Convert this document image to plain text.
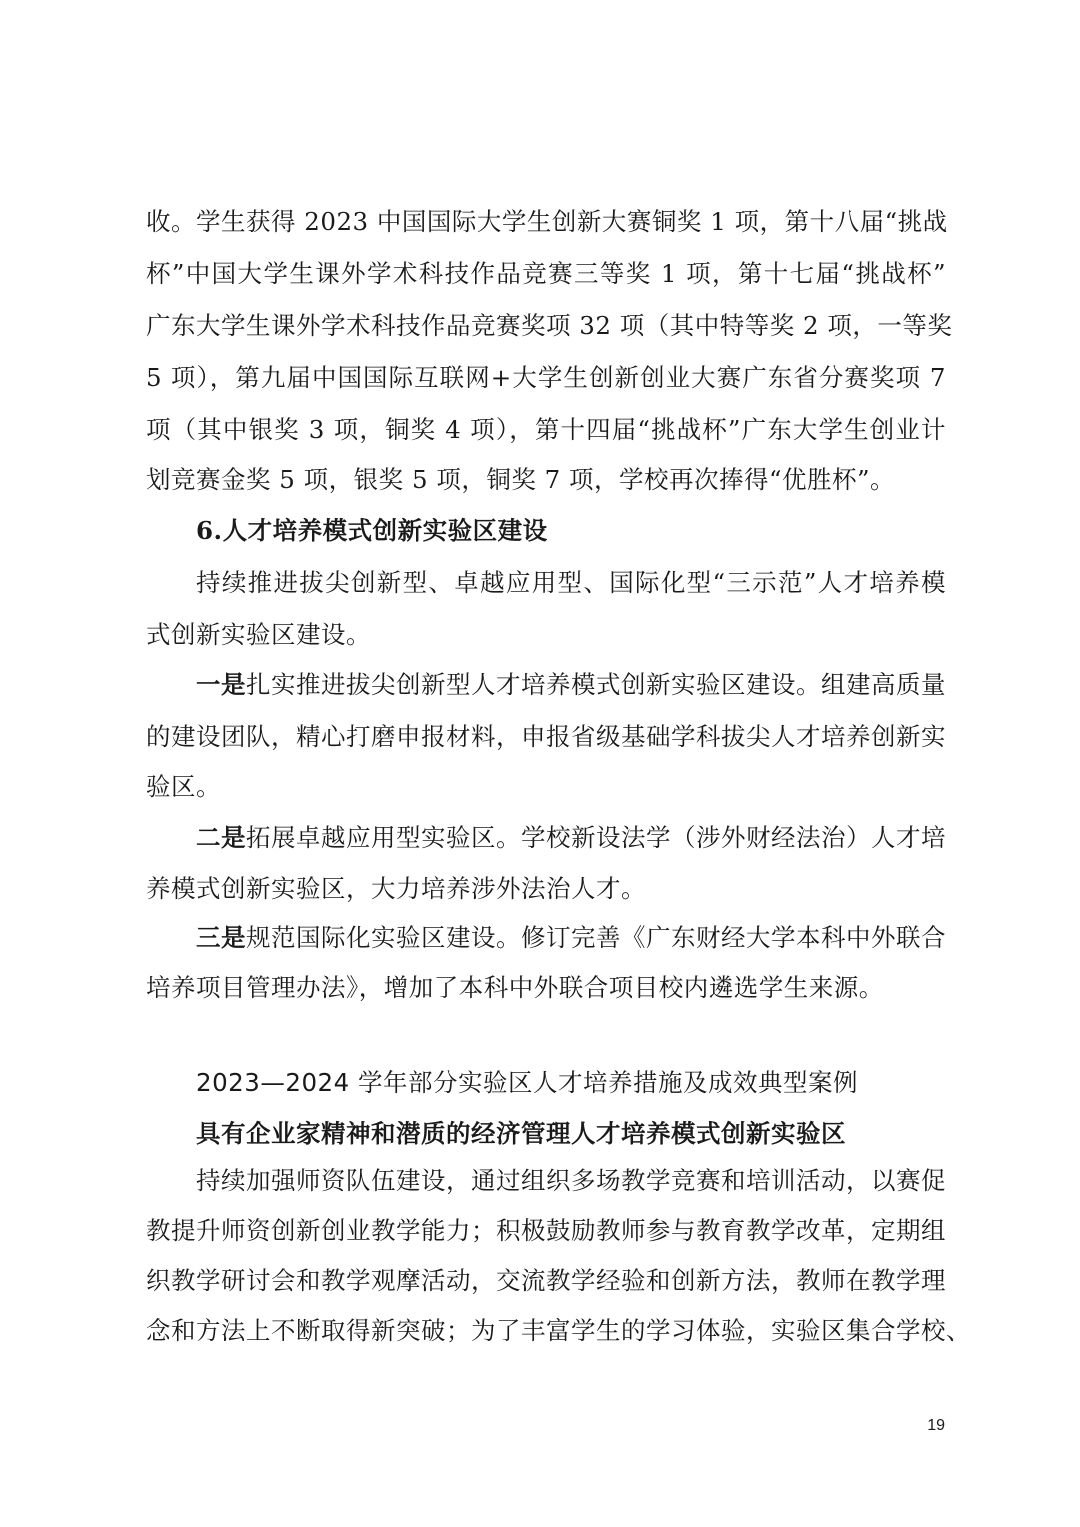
收。学生获得 2023 中国国际大学生创新大赛铜奖 1 项，第十八届“挑战
杯”中国大学生课外学术科技作品竞赛三等奖 1 项，第十七届“挑战杯”
广东大学生课外学术科技作品竞赛奖项 32 项（其中特等奖 2 项，一等奖
5 项），第九届中国国际互联网+大学生创新创业大赛广东省分赛奖项 7
项（其中银奖 3 项，铜奖 4 项），第十四届“挑战杯”广东大学生创业计
划竞赛金奖 5 项，银奖 5 项，铜奖 7 项，学校再次捧得“优胜杯”。
6.人才培养模式创新实验区建设
持续推进拔尖创新型、卓越应用型、国际化型“三示范”人才培养模
式创新实验区建设。
一是扎实推进拔尖创新型人才培养模式创新实验区建设。组建高质量
的建设团队，精心打磨申报材料，申报省级基础学科拔尖人才培养创新实
验区。
二是拓展卓越应用型实验区。学校新设法学（涉外财经法治）人才培
养模式创新实验区，大力培养涉外法治人才。
三是规范国际化实验区建设。修订完善《广东财经大学本科中外联合
培养项目管理办法》，增加了本科中外联合项目校内遴选学生来源。
2023—2024 学年部分实验区人才培养措施及成效典型案例
具有企业家精神和潜质的经济管理人才培养模式创新实验区
持续加强师资队伍建设，通过组织多场教学竞赛和培训活动，以赛促
教提升师资创新创业教学能力；积极鼓励教师参与教育教学改革，定期组
织教学研讨会和教学观摩活动，交流教学经验和创新方法，教师在教学理
念和方法上不断取得新突破；为了丰富学生的学习体验，实验区集合学校、
19
